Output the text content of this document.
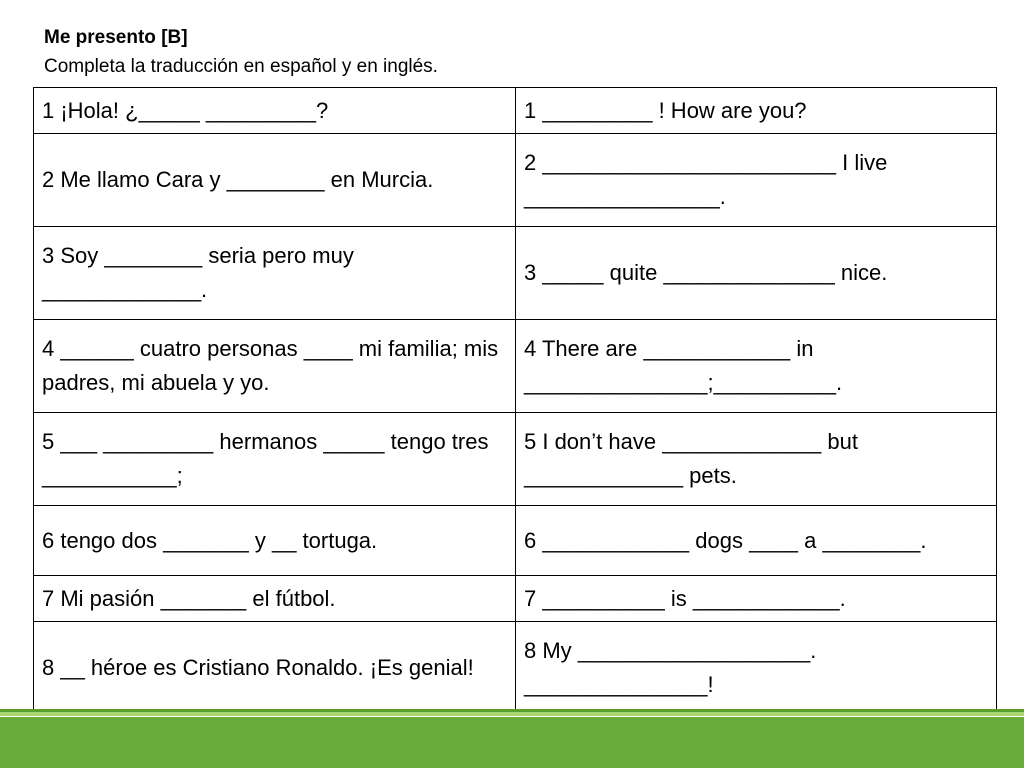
Me presento [B]
Completa la traducción en español y en inglés.
1 ¡Hola! ¿_____ _________?	1 _________ ! How are you?
2 Me llamo Cara y ________ en Murcia.	2 ________________________ I live ________________.
3 Soy ________ seria pero muy _____________.	3 _____ quite ______________ nice.
4 ______ cuatro personas ____ mi familia; mis padres, mi abuela y yo.	4 There are ____________ in _______________;__________.
5 ___ _________ hermanos _____ tengo tres ___________;	5 I don’t have _____________ but _____________ pets.
6 tengo dos _______ y __ tortuga.	6 ____________ dogs ____ a ________.
7 Mi pasión _______ el fútbol.	7 __________ is ____________.
8 __ héroe es Cristiano Ronaldo. ¡Es genial!	8 My ___________________. _______________!
